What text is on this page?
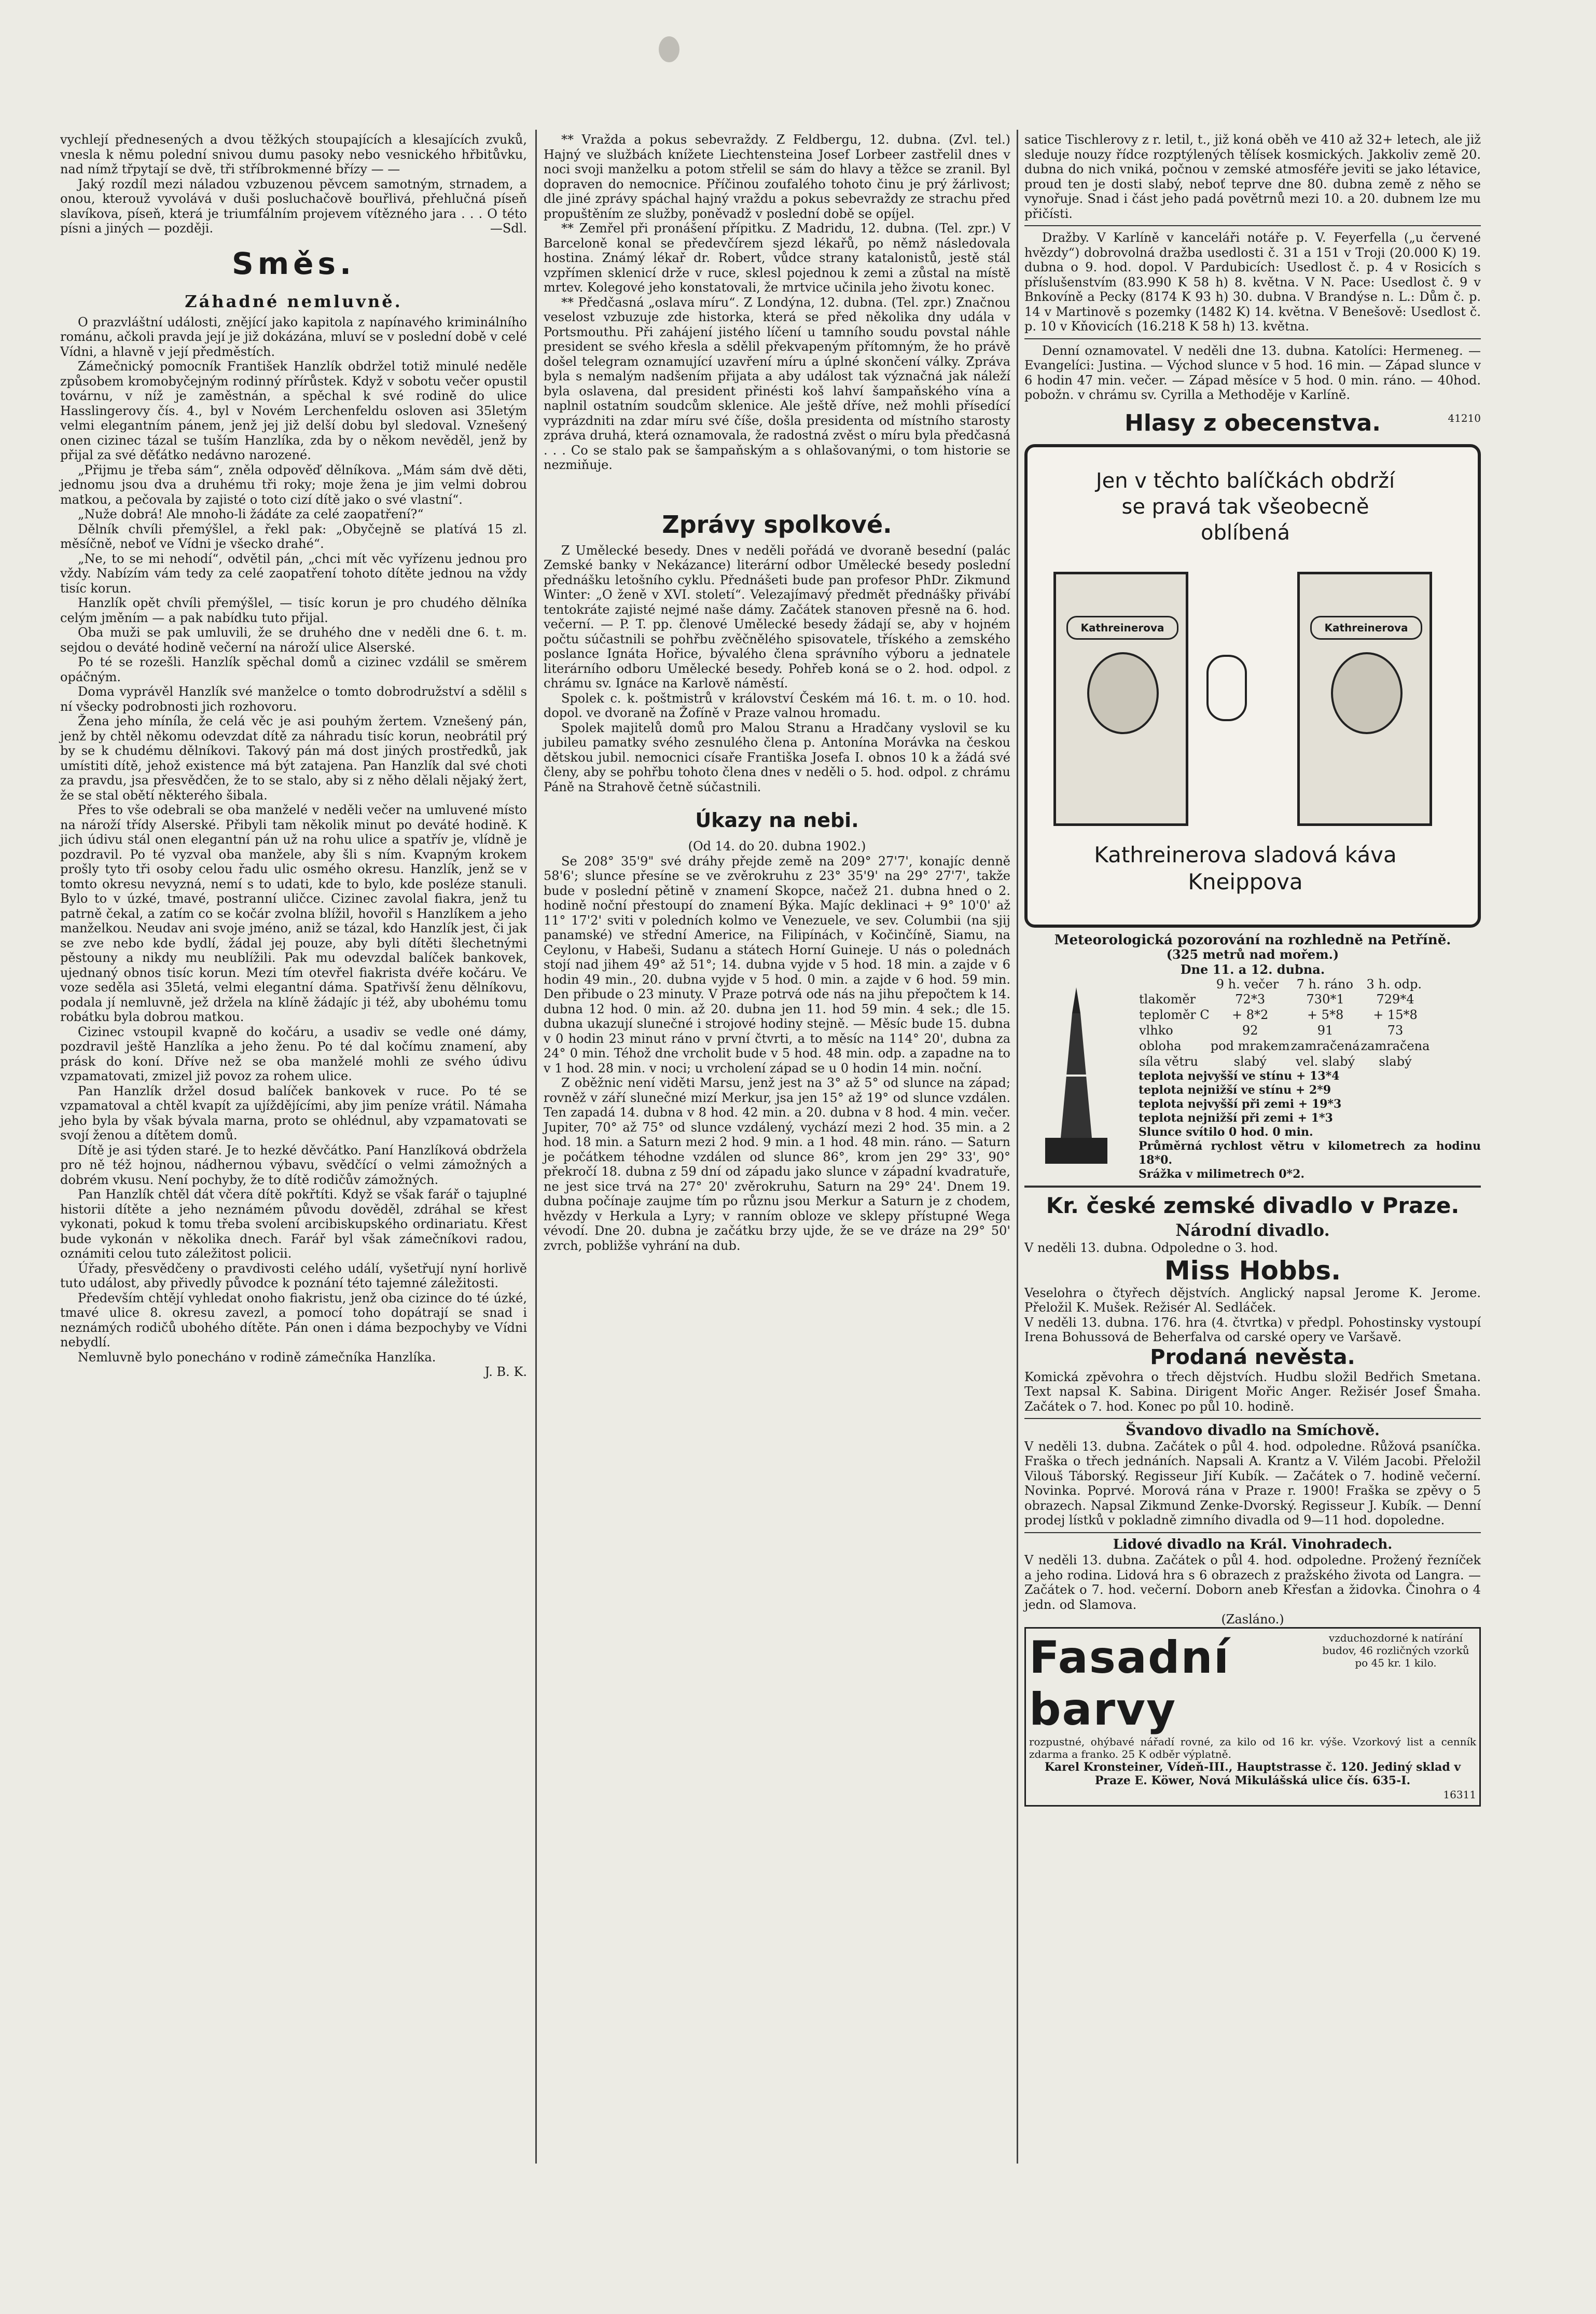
vychlejí přednesených a dvou těžkých stoupajících a klesajících zvuků, vnesla k němu polední snivou dumu pasoky nebo vesnického hřbitůvku, nad nímž třpytají se dvě, tři stříbrokmenné břízy — —

Jaký rozdíl mezi náladou vzbuzenou pěvcem samotným, strnadem, a onou, kterouž vyvolává v duši posluchačově bouřlivá, přehlučná píseň slavíkova, píseň, která je triumfálním projevem vítězného jara . . . O této písni a jiných — později.	—Sdl.

Směs.
Záhadné nemluvně.

O prazvláštní události, znějící jako kapitola z napínavého kriminálního románu, ačkoli pravda její je již dokázána, mluví se v poslední době v celé Vídni, a hlavně v její předměstích.

Zámečnický pomocník František Hanzlík obdržel totiž minulé neděle způsobem kromobyčejným rodinný přírůstek. Když v sobotu večer opustil továrnu, v níž je zaměstnán, a spěchal k své rodině do ulice Hasslingerovy čís. 4., byl v Novém Lerchenfeldu osloven asi 35letým velmi elegantním pánem, jenž jej již delší dobu byl sledoval. Vznešený onen cizinec tázal se tuším Hanzlíka, zda by o někom nevěděl, jenž by přijal za své děťátko nedávno narozené.

„Přijmu je třeba sám“, zněla odpověď dělníkova. „Mám sám dvě děti, jednomu jsou dva a druhému tři roky; moje žena je jim velmi dobrou matkou, a pečovala by zajisté o toto cizí dítě jako o své vlastní“.

„Nuže dobrá! Ale mnoho-li žádáte za celé zaopatření?“

Dělník chvíli přemýšlel, a řekl pak: „Obyčejně se platívá 15 zl. měsíčně, neboť ve Vídni je všecko drahé“.

„Ne, to se mi nehodí“, odvětil pán, „chci mít věc vyřízenu jednou pro vždy. Nabízím vám tedy za celé zaopatření tohoto dítěte jednou na vždy tisíc korun.

Hanzlík opět chvíli přemýšlel, — tisíc korun je pro chudého dělníka celým jměním — a pak nabídku tuto přijal.

Oba muži se pak umluvili, že se druhého dne v neděli dne 6. t. m. sejdou o deváté hodině večerní na nároží ulice Alserské.

Po té se rozešli. Hanzlík spěchal domů a cizinec vzdálil se směrem opáčným.

Doma vyprávěl Hanzlík své manželce o tomto dobrodružství a sdělil s ní všecky podrobnosti jich rozhovoru.

Žena jeho míníla, že celá věc je asi pouhým žertem. Vznešený pán, jenž by chtěl někomu odevzdat dítě za náhradu tisíc korun, neobrátil prý by se k chudému dělníkovi. Takový pán má dost jiných prostředků, jak umístiti dítě, jehož existence má být zatajena. Pan Hanzlík dal své choti za pravdu, jsa přesvědčen, že to se stalo, aby si z něho dělali nějaký žert, že se stal obětí některého šibala.

Přes to vše odebrali se oba manželé v neděli večer na umluvené místo na nároží třídy Alserské. Přibyli tam několik minut po deváté hodině. K jich údivu stál onen elegantní pán už na rohu ulice a spatřív je, vlídně je pozdravil. Po té vyzval oba manžele, aby šli s ním. Kvapným krokem prošly tyto tři osoby celou řadu ulic osmého okresu. Hanzlík, jenž se v tomto okresu nevyzná, nemí s to udati, kde to bylo, kde posléze stanuli. Bylo to v úzké, tmavé, postranní uličce. Cizinec zavolal fiakra, jenž tu patrně čekal, a zatím co se kočár zvolna blížil, hovořil s Hanzlíkem a jeho manželkou. Neudav ani svoje jméno, aniž se tázal, kdo Hanzlík jest, či jak se zve nebo kde bydlí, žádal jej pouze, aby byli dítěti šlechetnými pěstouny a nikdy mu neublížili. Pak mu odevzdal balíček bankovek, ujednaný obnos tisíc korun. Mezi tím otevřel fiakrista dvéře kočáru. Ve voze seděla asi 35letá, velmi elegantní dáma. Spatřivší ženu dělníkovu, podala jí nemluvně, jež držela na klíně žádajíc ji též, aby ubohému tomu robátku byla dobrou matkou.

Cizinec vstoupil kvapně do kočáru, a usadiv se vedle oné dámy, pozdravil ještě Hanzlíka a jeho ženu. Po té dal kočímu znamení, aby prásk do koní. Dříve než se oba manželé mohli ze svého údivu vzpamatovati, zmizel již povoz za rohem ulice.

Pan Hanzlík držel dosud balíček bankovek v ruce. Po té se vzpamatoval a chtěl kvapít za ujíždějícími, aby jim peníze vrátil. Námaha jeho byla by však bývala marna, proto se ohlédnul, aby vzpamatovati se svojí ženou a dítětem domů.

Dítě je asi týden staré. Je to hezké děvčátko. Paní Hanzlíková obdržela pro ně též hojnou, nádhernou výbavu, svědčící o velmi zámožných a dobrém vkusu. Není pochyby, že to dítě rodičův zámožných.

Pan Hanzlík chtěl dát včera dítě pokřtíti. Když se však farář o tajuplné historii dítěte a jeho neznámém původu dověděl, zdráhal se křest vykonati, pokud k tomu třeba svolení arcibiskupského ordinariatu. Křest bude vykonán v několika dnech. Farář byl však zámečníkovi radou, oznámiti celou tuto záležitost policii.

Úřady, přesvědčeny o pravdivosti celého událí, vyšetřují nyní horlivě tuto událost, aby přivedly původce k poznání této tajemné záležitosti.

Především chtějí vyhledat onoho fiakristu, jenž oba cizince do té úzké, tmavé ulice 8. okresu zavezl, a pomocí toho dopátrají se snad i neznámých rodičů ubohého dítěte. Pán onen i dáma bezpochyby ve Vídni nebydlí.

Nemluvně bylo ponecháno v rodině zámečníka Hanzlíka.

J. B. K.

** Vražda a pokus sebevraždy. Z Feldbergu, 12. dubna. (Zvl. tel.) Hajný ve službách knížete Liechtensteina Josef Lorbeer zastřelil dnes v noci svoji manželku a potom střelil se sám do hlavy a těžce se zranil. Byl dopraven do nemocnice. Příčinou zoufalého tohoto činu je prý žárlivost; dle jiné zprávy spáchal hajný vraždu a pokus sebevraždy ze strachu před propuštěním ze služby, poněvadž v poslední době se opíjel.

** Zemřel při pronášení přípitku. Z Madridu, 12. dubna. (Tel. zpr.) V Barceloně konal se předevčírem sjezd lékařů, po němž následovala hostina. Známý lékař dr. Robert, vůdce strany katalonistů, jestě stál vzpřímen sklenicí drže v ruce, sklesl pojednou k zemi a zůstal na místě mrtev. Kolegové jeho konstatovali, že mrtvice učinila jeho životu konec.

** Předčasná „oslava míru“. Z Londýna, 12. dubna. (Tel. zpr.) Značnou veselost vzbuzuje zde historka, která se před několika dny udála v Portsmouthu. Při zahájení jistého líčení u tamního soudu povstal náhle president se svého křesla a sdělil překvapeným přítomným, že ho právě došel telegram oznamující uzavření míru a úplné skončení války. Zpráva byla s nemalým nadšením přijata a aby událost tak význačná jak náleží byla oslavena, dal president přinésti koš lahví šampaňského vína a naplnil ostatním soudcům sklenice. Ale ještě dříve, než mohli přísedící vyprázdniti na zdar míru své číše, došla presidenta od místního starosty zpráva druhá, která oznamovala, že radostná zvěst o míru byla předčasná . . . Co se stalo pak se šampaňským a s ohlašovanými, o tom historie se nezmiňuje.

Zprávy spolkové.

Z Umělecké besedy. Dnes v neděli pořádá ve dvoraně besední (palác Zemské banky v Nekázance) literární odbor Umělecké besedy poslední přednášku letošního cyklu. Přednášeti bude pan profesor PhDr. Zikmund Winter: „O ženě v XVI. století“. Velezajímavý předmět přednášky přivábí tentokráte zajisté nejmé naše dámy. Začátek stanoven přesně na 6. hod. večerní. — P. T. pp. členové Umělecké besedy žádají se, aby v hojném počtu súčastnili se pohřbu zvěčnělého spisovatele, tříského a zemského poslance Ignáta Hořice, bývalého člena správního výboru a jednatele literárního odboru Umělecké besedy. Pohřeb koná se o 2. hod. odpol. z chrámu sv. Ignáce na Karlově náměstí.

Spolek c. k. poštmistrů v království Českém má 16. t. m. o 10. hod. dopol. ve dvoraně na Žofíně v Praze valnou hromadu.

Spolek majitelů domů pro Malou Stranu a Hradčany vyslovil se ku jubileu pamatky svého zesnulého člena p. Antonína Morávka na českou dětskou jubil. nemocnici císaře Františka Josefa I. obnos 10 k a žádá své členy, aby se pohřbu tohoto člena dnes v neděli o 5. hod. odpol. z chrámu Páně na Strahově četně súčastnili.

Úkazy na nebi.
(Od 14. do 20. dubna 1902.)

Se 208° 35'9" své dráhy přejde země na 209° 27'7', konajíc denně 58'6'; slunce přesíne se ve zvěrokruhu z 23° 35'9' na 29° 27'7', takže bude v poslední pětině v znamení Skopce, načež 21. dubna hned o 2. hodině noční přestoupí do znamení Býka. Majíc deklinaci + 9° 10'0' až 11° 17'2' sviti v poledních kolmo ve Venezuele, ve sev. Columbii (na sjij panamské) ve střední Americe, na Filipínách, v Kočinčíně, Siamu, na Ceylonu, v Habeši, Sudanu a státech Horní Guineje. U nás o polednách stojí nad jihem 49° až 51°; 14. dubna vyjde v 5 hod. 18 min. a zajde v 6 hodin 49 min., 20. dubna vyjde v 5 hod. 0 min. a zajde v 6 hod. 59 min. Den přibude o 23 minuty. V Praze potrvá ode nás na jihu přepočtem k 14. dubna 12 hod. 0 min. až 20. dubna jen 11. hod 59 min. 4 sek.; dle 15. dubna ukazují slunečné i strojové hodiny stejně. — Měsíc bude 15. dubna v 0 hodin 23 minut ráno v první čtvrti, a to měsíc na 114° 20', dubna za 24° 0 min. Téhož dne vrcholit bude v 5 hod. 48 min. odp. a zapadne na to v 1 hod. 28 min. v noci; u vrcholení západ se u 0 hodin 14 min. noční.

Z oběžnic není viděti Marsu, jenž jest na 3° až 5° od slunce na západ; rovněž v září slunečné mizí Merkur, jsa jen 15° až 19° od slunce vzdálen. Ten zapadá 14. dubna v 8 hod. 42 min. a 20. dubna v 8 hod. 4 min. večer. Jupiter, 70° až 75° od slunce vzdálený, vychází mezi 2 hod. 35 min. a 2 hod. 18 min. a Saturn mezi 2 hod. 9 min. a 1 hod. 48 min. ráno. — Saturn je počátkem téhodne vzdálen od slunce 86°, krom jen 29° 33', 90° překročí 18. dubna z 59 dní od západu jako slunce v západní kvadratuře, ne jest sice trvá na 27° 20' zvěrokruhu, Saturn na 29° 24'. Dnem 19. dubna počínaje zaujme tím po různu jsou Merkur a Saturn je z chodem, hvězdy v Herkula a Lyry; v ranním obloze ve sklepy přístupné Wega vévodí. Dne 20. dubna je začátku brzy ujde, že se ve dráze na 29° 50' zvrch, pobližše vyhrání na dub.

satice Tischlerovy z r. letil, t., již koná oběh ve 410 až 32+ letech, ale již sleduje nouzy řídce rozptýlených tělísek kosmických. Jakkoliv země 20. dubna do nich vniká, počnou v zemské atmosféře jeviti se jako létavice, proud ten je dosti slabý, neboť teprve dne 80. dubna země z něho se vynořuje. Snad i část jeho padá povětrnů mezi 10. a 20. dubnem lze mu přičísti.

Dražby. V Karlíně v kanceláři notáře p. V. Feyerfella („u červené hvězdy“) dobrovolná dražba usedlosti č. 31 a 151 v Troji (20.000 K) 19. dubna o 9. hod. dopol. V Pardubicích: Usedlost č. p. 4 v Rosicích s příslušenstvím (83.990 K 58 h) 8. května. V N. Pace: Usedlost č. 9 v Bnkovíně a Pecky (8174 K 93 h) 30. dubna. V Brandýse n. L.: Dům č. p. 14 v Martinově s pozemky (1482 K) 14. května. V Benešově: Usedlost č. p. 10 v Kňovicích (16.218 K 58 h) 13. května.

Denní oznamovatel. V neděli dne 13. dubna. Katolíci: Hermeneg. — Evangelíci: Justina. — Východ slunce v 5 hod. 16 min. — Západ slunce v 6 hodin 47 min. večer. — Západ měsíce v 5 hod. 0 min. ráno. — 40hod. pobožn. v chrámu sv. Cyrilla a Methoděje v Karlíně.

Hlasy z obecenstva.	41210
Jen v těchto balíčkách obdrží se pravá tak všeobecně oblíbená
Kathreinerova	Kathreinerova
Kathreinerova sladová káva Kneippova
Meteorologická pozorování na rozhledně na Petříně.
(325 metrů nad mořem.)
Dne 11. a 12. dubna.
	9 h. večer	7 h. ráno	3 h. odp.
tlakoměr	72*3	730*1	729*4
teploměr C	+ 8*2	+ 5*8	+ 15*8
vlhko	92	91	73
obloha	pod mrakem	zamračená	zamračena
síla větru	slabý	vel. slabý	slabý
teplota nejvyšší ve stínu + 13*4
teplota nejnižší ve stínu + 2*9
teplota nejvyšší při zemi + 19*3
teplota nejnižší při zemi + 1*3
Slunce svítilo 0 hod. 0 min.
Průměrná rychlost větru v kilometrech za hodinu 18*0.
Srážka v milimetrech 0*2.
Kr. české zemské divadlo v Praze.
Národní divadlo.
V neděli 13. dubna. Odpoledne o 3. hod.
Miss Hobbs.
Veselohra o čtyřech dějstvích. Anglický napsal Jerome K. Jerome. Přeložil K. Mušek. Režisér Al. Sedláček.
V neděli 13. dubna. 176. hra (4. čtvrtka) v předpl. Pohostinsky vystoupí Irena Bohussová de Beherfalva od carské opery ve Varšavě.
Prodaná nevěsta.
Komická zpěvohra o třech dějstvích. Hudbu složil Bedřich Smetana. Text napsal K. Sabina. Dirigent Mořic Anger. Režisér Josef Šmaha. Začátek o 7. hod. Konec po půl 10. hodině.
Švandovo divadlo na Smíchově.
V neděli 13. dubna. Začátek o půl 4. hod. odpoledne. Růžová psaníčka. Fraška o třech jednáních. Napsali A. Krantz a V. Vilém Jacobi. Přeložil Vilouš Táborský. Regisseur Jiří Kubík. — Začátek o 7. hodině večerní. Novinka. Poprvé. Morová rána v Praze r. 1900! Fraška se zpěvy o 5 obrazech. Napsal Zikmund Zenke-Dvorský. Regisseur J. Kubík. — Denní prodej lístků v pokladně zimního divadla od 9—11 hod. dopoledne.
Lidové divadlo na Král. Vinohradech.
V neděli 13. dubna. Začátek o půl 4. hod. odpoledne. Prožený řezníček a jeho rodina. Lidová hra s 6 obrazech z pražského života od Langra. — Začátek o 7. hod. večerní. Doborn aneb Křesťan a židovka. Činohra o 4 jedn. od Slamova.
(Zasláno.)
vzduchozdorné k natírání budov, 46 rozličných vzorků po 45 kr. 1 kilo.
Fasadní barvy
rozpustné, ohýbavé nářadí rovné, za kilo od 16 kr. výše. Vzorkový list a cenník zdarma a franko. 25 K odběr výplatně.
Karel Kronsteiner, Vídeň-III., Hauptstrasse č. 120. Jediný sklad v Praze E. Köwer, Nová Mikulášská ulice čís. 635-I.
16311
